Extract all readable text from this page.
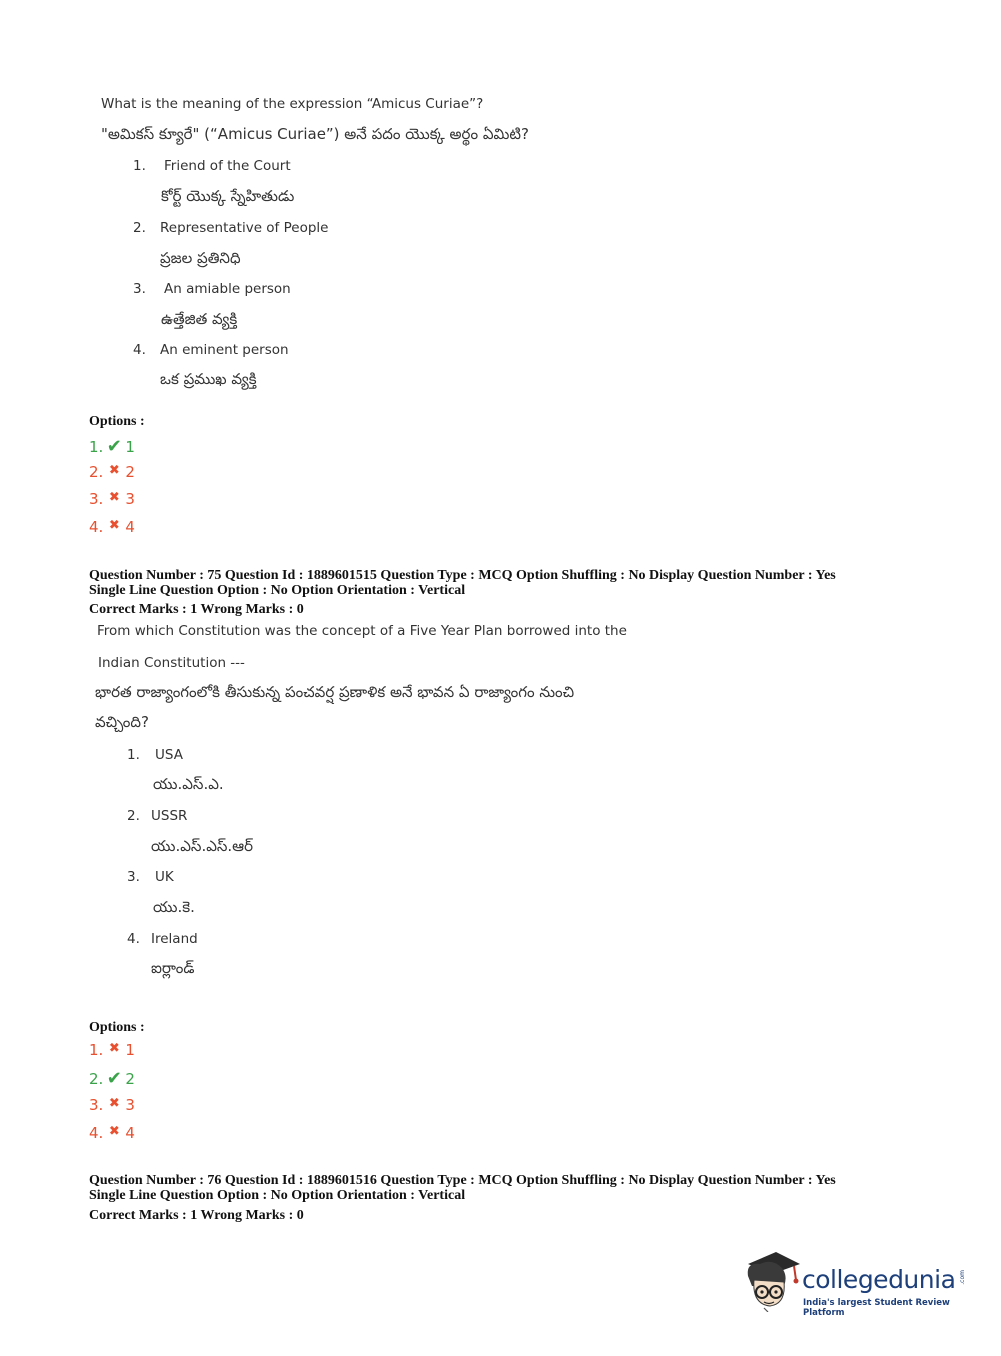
What is the meaning of the expression “Amicus Curiae”?
"అమికస్ క్యూరే" (“Amicus Curiae”) అనే పదం యొక్క అర్థం ఏమిటి?
1. Friend of the Court
కోర్ట్ యొక్క స్నేహితుడు
2. Representative of People
ప్రజల ప్రతినిధి
3. An amiable person
ఉత్తేజిత వ్యక్తి
4. An eminent person
ఒక ప్రముఖ వ్యక్తి
Options :
1. ✔ 1
2. ✖ 2
3. ✖ 3
4. ✖ 4
Question Number : 75 Question Id : 1889601515 Question Type : MCQ Option Shuffling : No Display Question Number : Yes
Single Line Question Option : No Option Orientation : Vertical
Correct Marks : 1 Wrong Marks : 0
From which Constitution was the concept of a Five Year Plan borrowed into the
Indian Constitution ---
భారత రాజ్యాంగంలోకి తీసుకున్న పంచవర్ష ప్రణాళిక అనే భావన ఏ రాజ్యాంగం నుంచి
వచ్చింది?
1. USA
యు.ఎస్.ఎ.
2. USSR
యు.ఎస్.ఎస్.ఆర్
3. UK
యు.కె.
4. Ireland
ఐర్లాండ్
Options :
1. ✖ 1
2. ✔ 2
3. ✖ 3
4. ✖ 4
Question Number : 76 Question Id : 1889601516 Question Type : MCQ Option Shuffling : No Display Question Number : Yes
Single Line Question Option : No Option Orientation : Vertical
Correct Marks : 1 Wrong Marks : 0
collegedunia .com
India's largest Student Review Platform
